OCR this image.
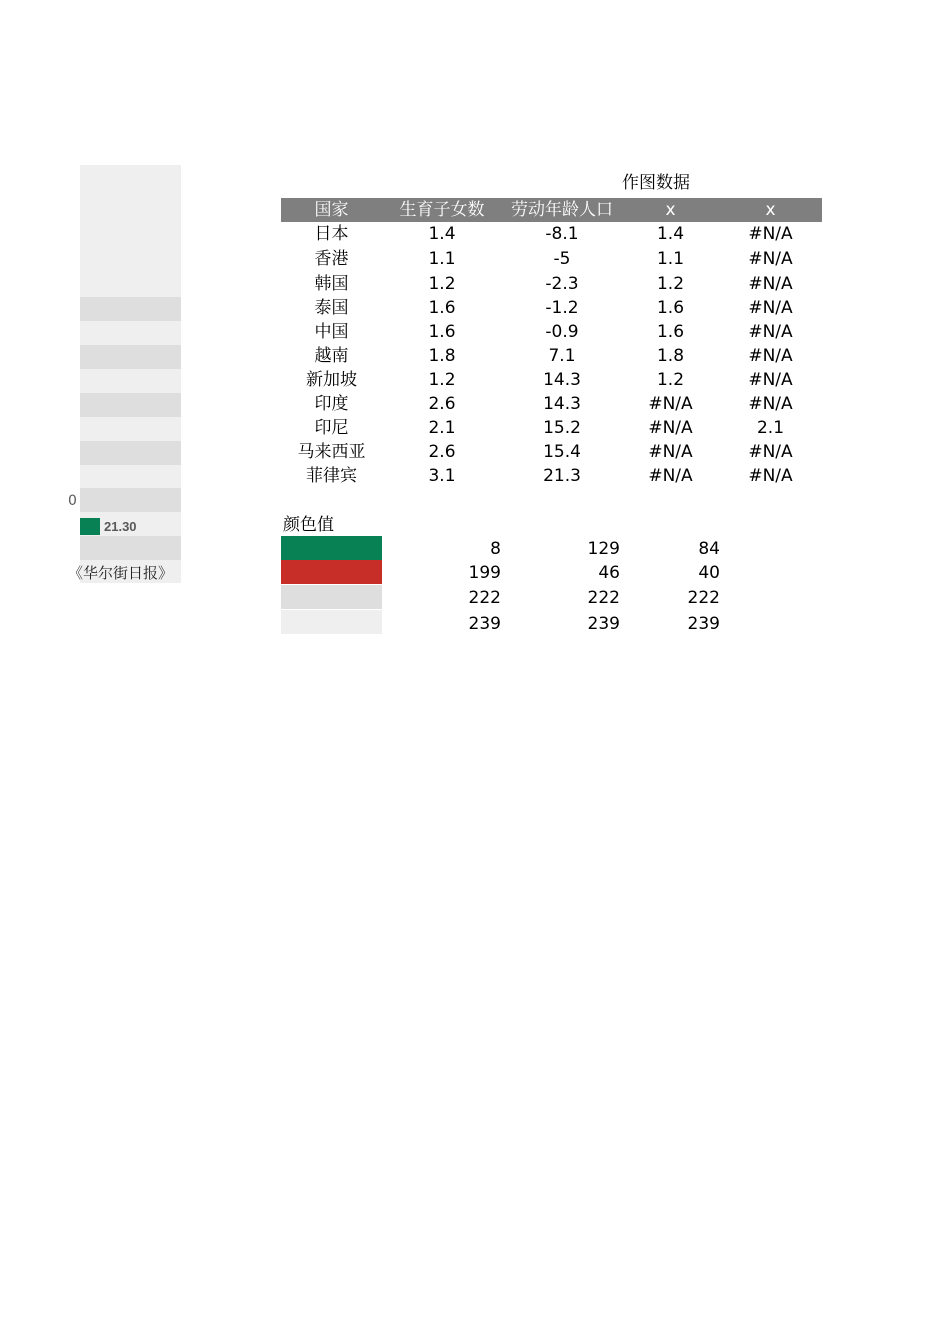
0
21.30
《华尔街日报》
作图数据
国家	生育子女数	劳动年龄人口	x	x
日本	1.4	-8.1	1.4	#N/A
香港	1.1	-5	1.1	#N/A
韩国	1.2	-2.3	1.2	#N/A
泰国	1.6	-1.2	1.6	#N/A
中国	1.6	-0.9	1.6	#N/A
越南	1.8	7.1	1.8	#N/A
新加坡	1.2	14.3	1.2	#N/A
印度	2.6	14.3	#N/A	#N/A
印尼	2.1	15.2	#N/A	2.1
马来西亚	2.6	15.4	#N/A	#N/A
菲律宾	3.1	21.3	#N/A	#N/A
颜色值
8	129	84
199	46	40
222	222	222
239	239	239
